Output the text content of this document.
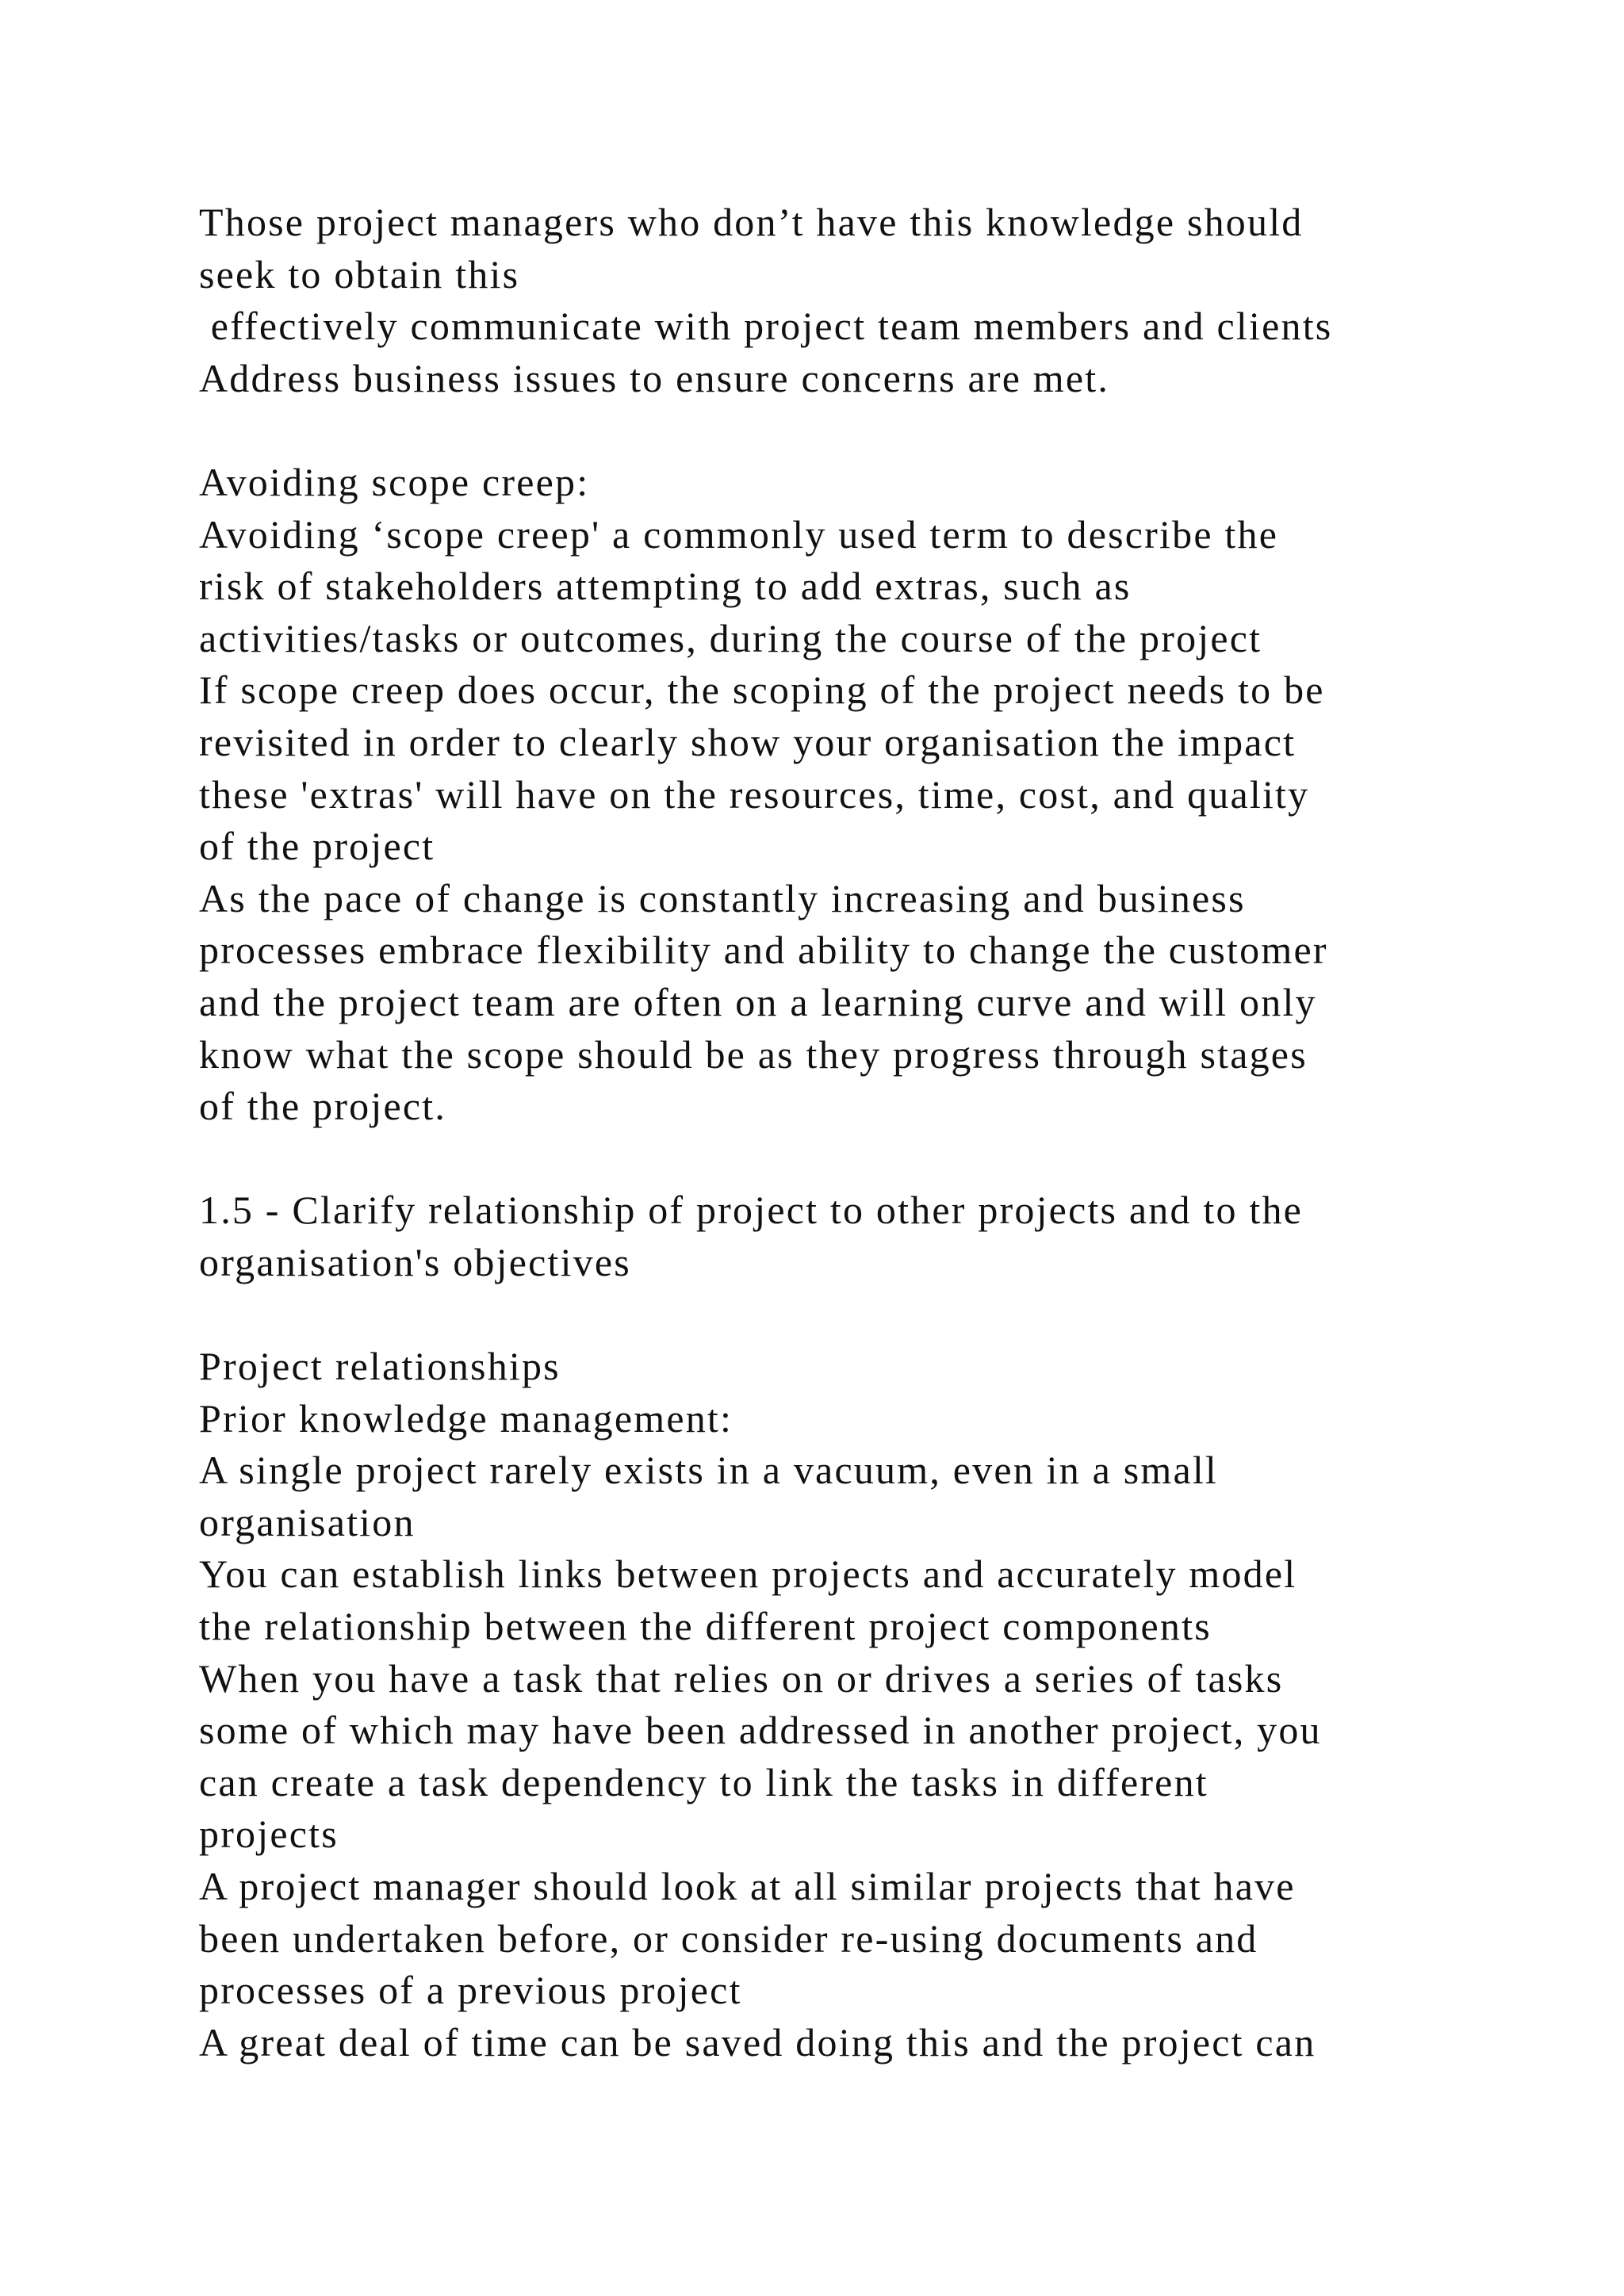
Those project managers who don’t have this knowledge should
seek to obtain this
effectively communicate with project team members and clients
Address business issues to ensure concerns are met.
Avoiding scope creep:
Avoiding ‘scope creep' a commonly used term to describe the
risk of stakeholders attempting to add extras, such as
activities/tasks or outcomes, during the course of the project
If scope creep does occur, the scoping of the project needs to be
revisited in order to clearly show your organisation the impact
these 'extras' will have on the resources, time, cost, and quality
of the project
As the pace of change is constantly increasing and business
processes embrace flexibility and ability to change the customer
and the project team are often on a learning curve and will only
know what the scope should be as they progress through stages
of the project.
1.5 - Clarify relationship of project to other projects and to the
organisation's objectives
Project relationships
Prior knowledge management:
A single project rarely exists in a vacuum, even in a small
organisation
You can establish links between projects and accurately model
the relationship between the different project components
When you have a task that relies on or drives a series of tasks
some of which may have been addressed in another project, you
can create a task dependency to link the tasks in different
projects
A project manager should look at all similar projects that have
been undertaken before, or consider re-using documents and
processes of a previous project
A great deal of time can be saved doing this and the project can
